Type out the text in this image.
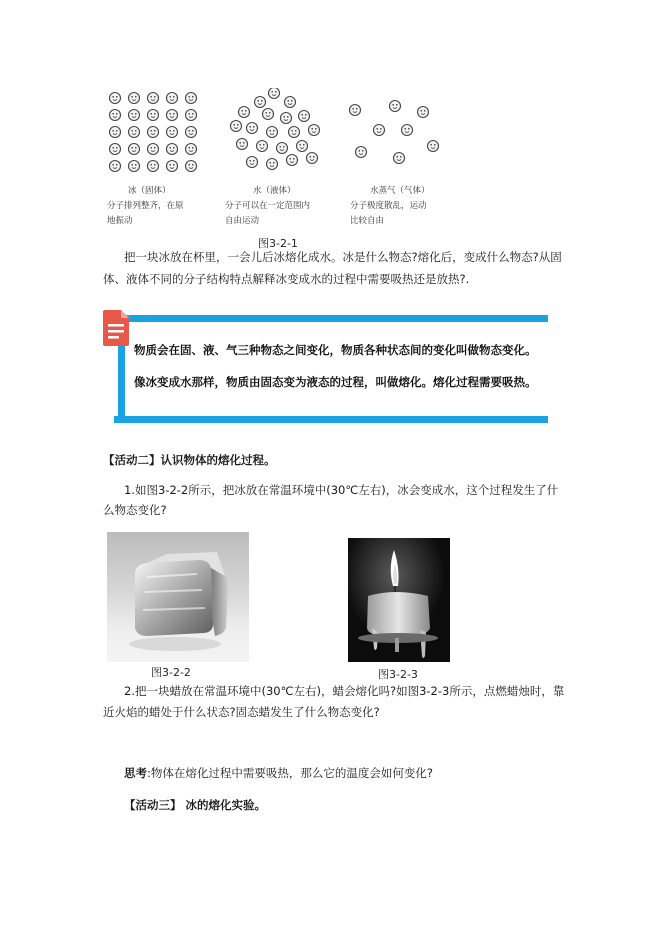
冰（固体）
分子排列整齐，在原
地振动
水（液体）
分子可以在一定范围内
自由运动
水蒸气（气体）
分子极度散乱，运动
比较自由
图3-2-1
把一块冰放在杯里，一会儿后冰熔化成水。冰是什么物态?熔化后，变成什么物态?从固
体、液体不同的分子结构特点解释冰变成水的过程中需要吸热还是放热?.
物质会在固、液、气三种物态之间变化，物质各种状态间的变化叫做物态变化。
像冰变成水那样，物质由固态变为液态的过程，叫做熔化。熔化过程需要吸热。
【活动二】认识物体的熔化过程。
1.如图3-2-2所示，把冰放在常温环境中(30℃左右)，冰会变成水，这个过程发生了什
么物态变化?
图3-2-2	图3-2-3
2.把一块蜡放在常温环境中(30℃左右)，蜡会熔化吗?如图3-2-3所示，点燃蜡烛时，靠
近火焰的蜡处于什么状态?固态蜡发生了什么物态变化?
思考:物体在熔化过程中需要吸热，那么它的温度会如何变化?
【活动三】 冰的熔化实验。
